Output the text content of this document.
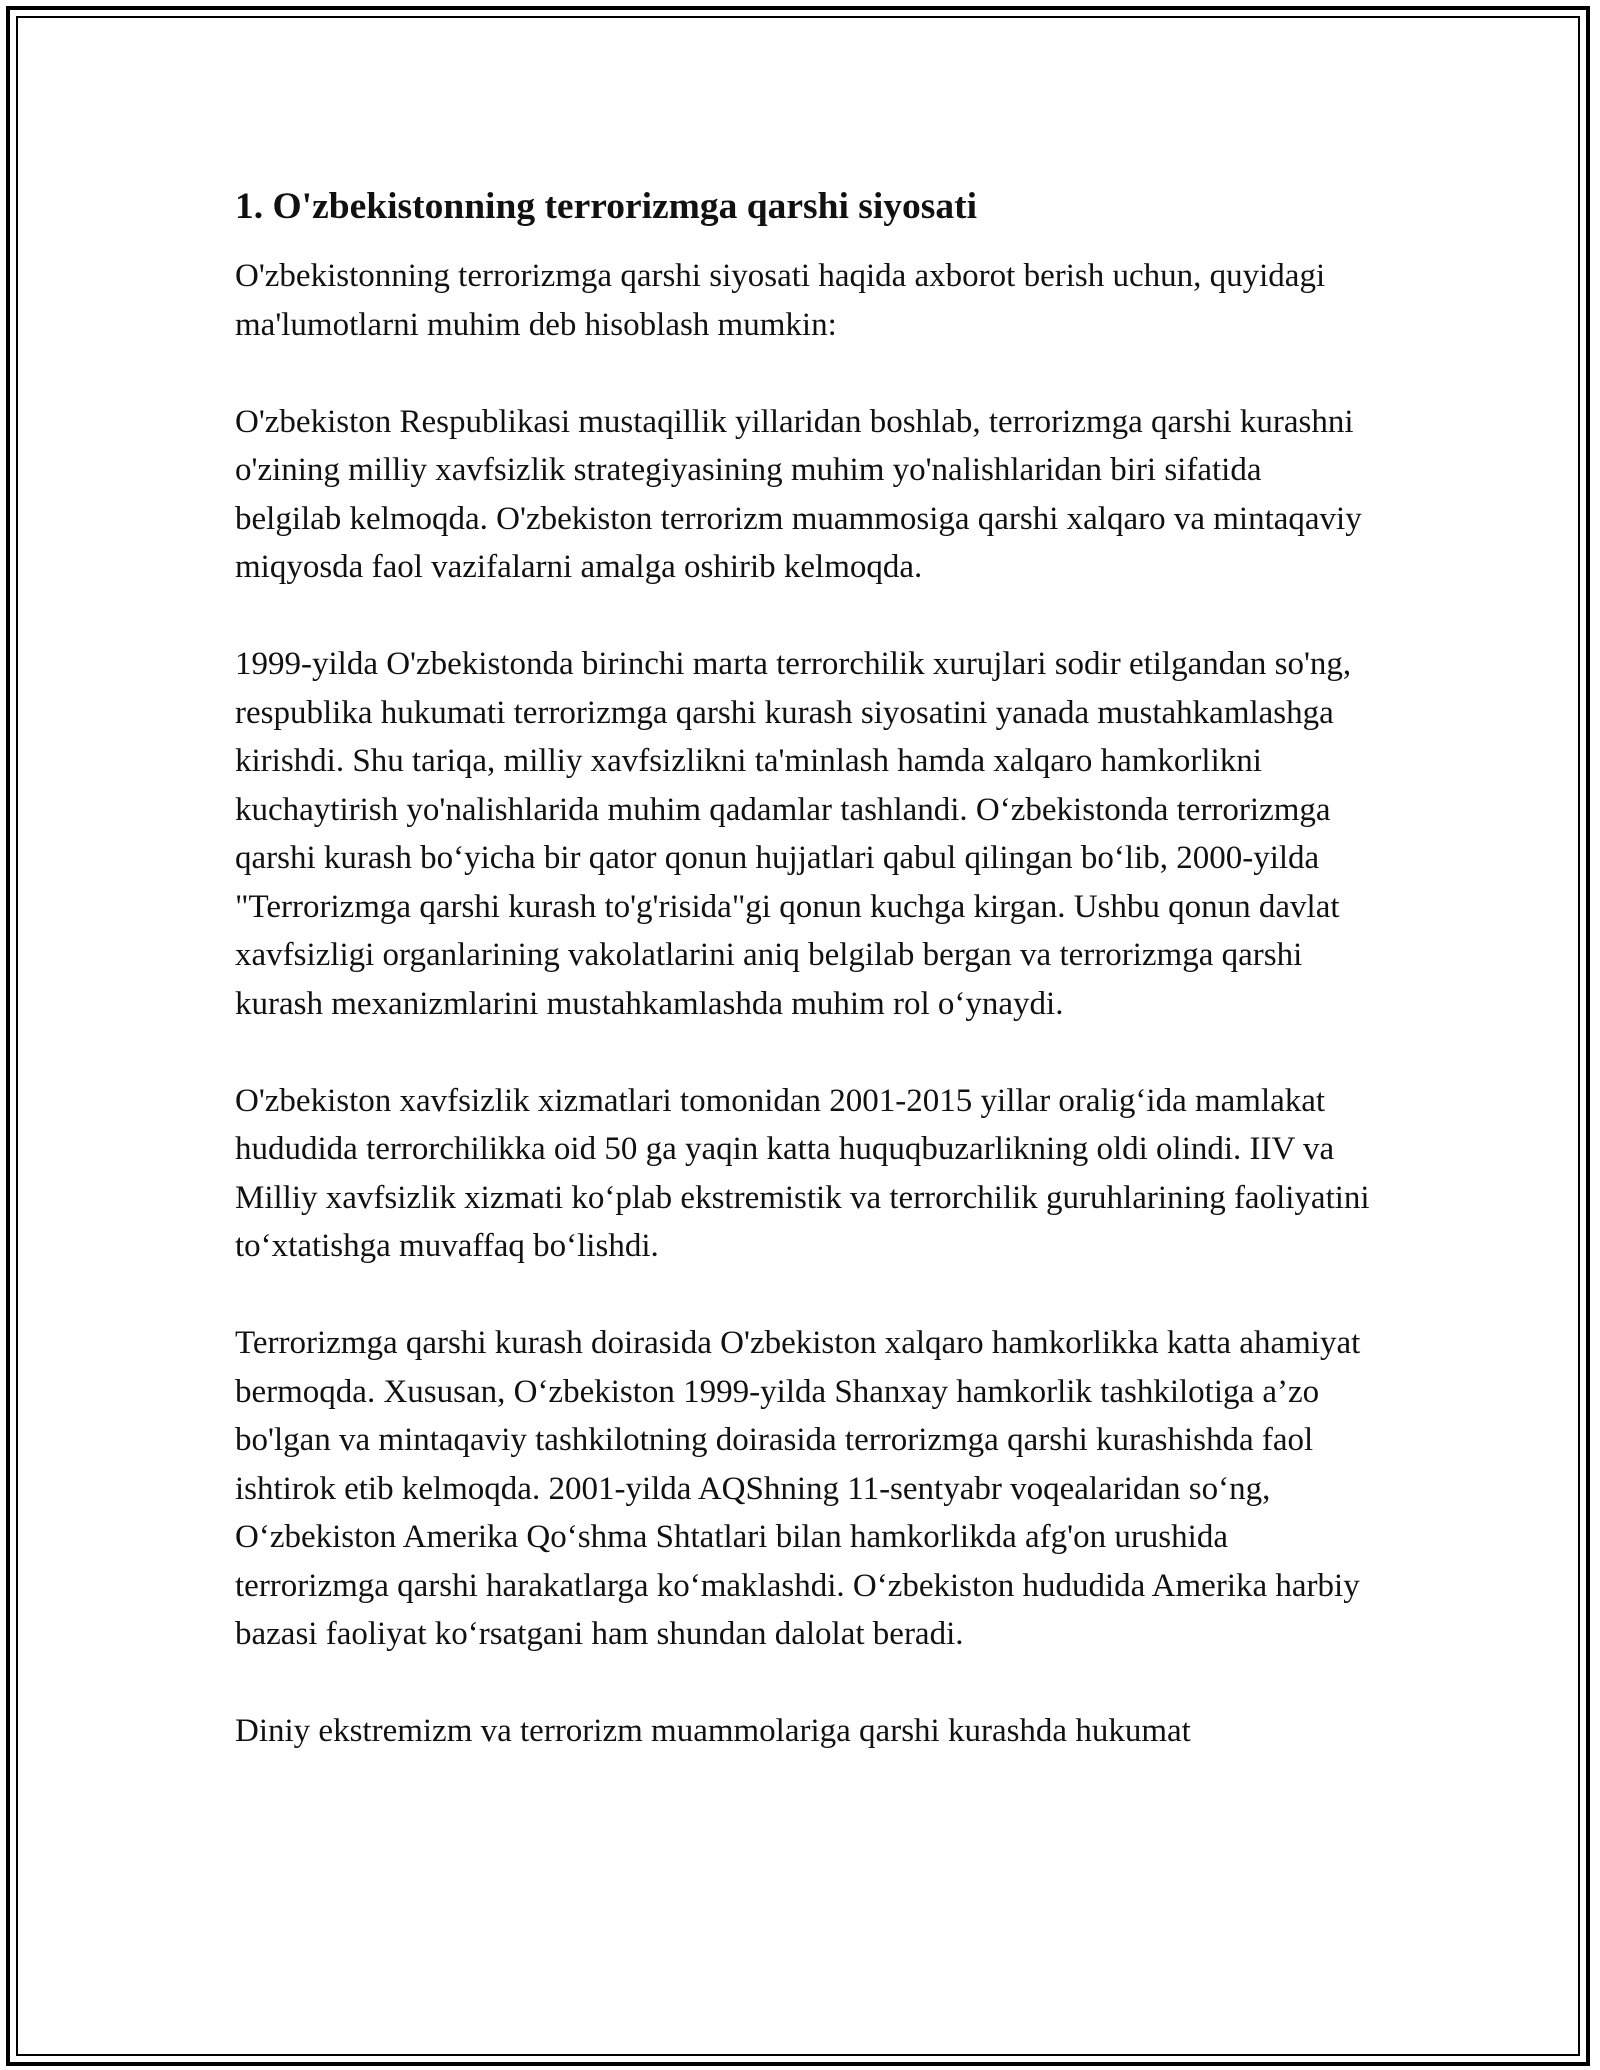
1. O'zbekistonning terrorizmga qarshi siyosati

O'zbekistonning terrorizmga qarshi siyosati haqida axborot berish uchun, quyidagi ma'lumotlarni muhim deb hisoblash mumkin:

O'zbekiston Respublikasi mustaqillik yillaridan boshlab, terrorizmga qarshi kurashni o'zining milliy xavfsizlik strategiyasining muhim yo'nalishlaridan biri sifatida belgilab kelmoqda. O'zbekiston terrorizm muammosiga qarshi xalqaro va mintaqaviy miqyosda faol vazifalarni amalga oshirib kelmoqda.

1999-yilda O'zbekistonda birinchi marta terrorchilik xurujlari sodir etilgandan so'ng, respublika hukumati terrorizmga qarshi kurash siyosatini yanada mustahkamlashga kirishdi. Shu tariqa, milliy xavfsizlikni ta'minlash hamda xalqaro hamkorlikni kuchaytirish yo'nalishlarida muhim qadamlar tashlandi. Oʻzbekistonda terrorizmga qarshi kurash boʻyicha bir qator qonun hujjatlari qabul qilingan boʻlib, 2000-yilda "Terrorizmga qarshi kurash to'g'risida"gi qonun kuchga kirgan. Ushbu qonun davlat xavfsizligi organlarining vakolatlarini aniq belgilab bergan va terrorizmga qarshi kurash mexanizmlarini mustahkamlashda muhim rol oʻynaydi.

O'zbekiston xavfsizlik xizmatlari tomonidan 2001-2015 yillar oraligʻida mamlakat hududida terrorchilikka oid 50 ga yaqin katta huquqbuzarlikning oldi olindi. IIV va Milliy xavfsizlik xizmati koʻplab ekstremistik va terrorchilik guruhlarining faoliyatini toʻxtatishga muvaffaq boʻlishdi.

Terrorizmga qarshi kurash doirasida O'zbekiston xalqaro hamkorlikka katta ahamiyat bermoqda. Xususan, Oʻzbekiston 1999-yilda Shanxay hamkorlik tashkilotiga a’zo bo'lgan va mintaqaviy tashkilotning doirasida terrorizmga qarshi kurashishda faol ishtirok etib kelmoqda. 2001-yilda AQShning 11-sentyabr voqealaridan soʻng, Oʻzbekiston Amerika Qoʻshma Shtatlari bilan hamkorlikda afg'on urushida terrorizmga qarshi harakatlarga koʻmaklashdi. Oʻzbekiston hududida Amerika harbiy bazasi faoliyat koʻrsatgani ham shundan dalolat beradi.

Diniy ekstremizm va terrorizm muammolariga qarshi kurashda hukumat
